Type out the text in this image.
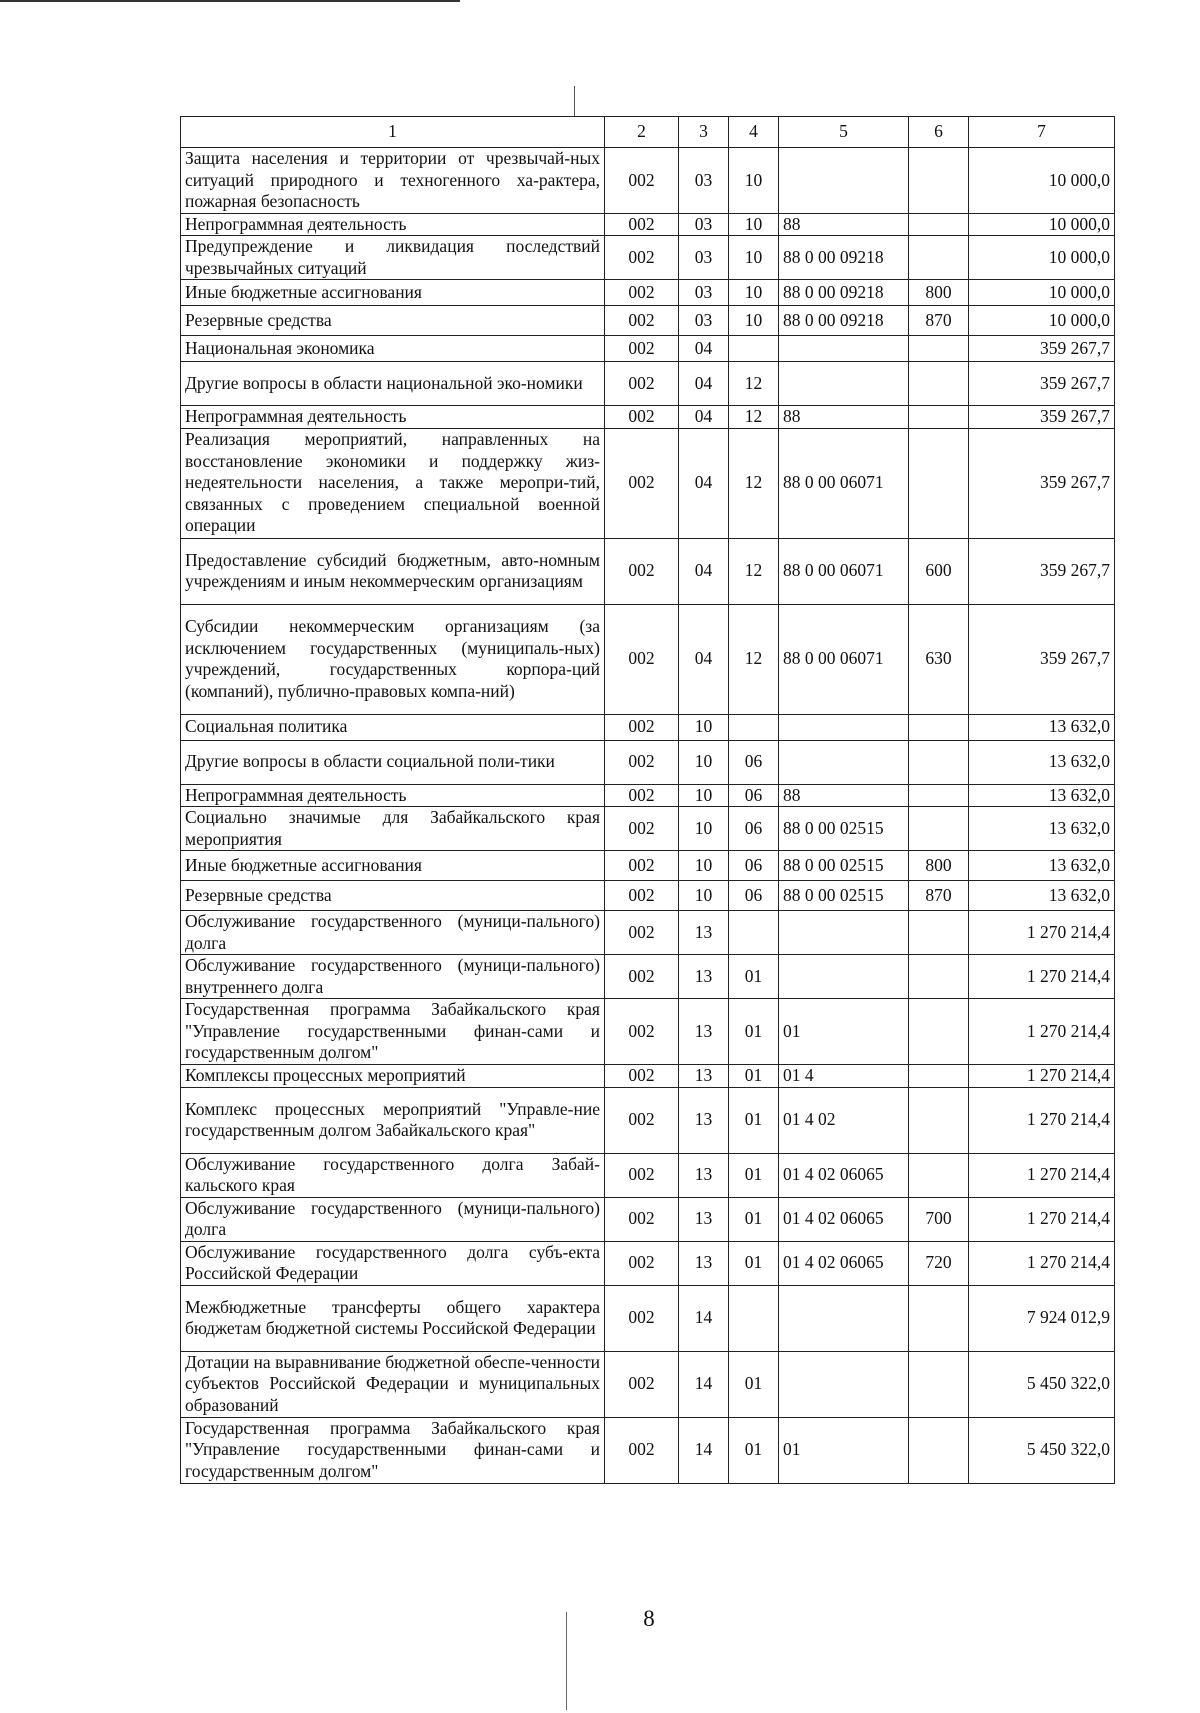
1	2	3	4	5	6	7
Защита населения и территории от чрезвычай-ных ситуаций природного и техногенного ха-рактера, пожарная безопасность	002	03	10			10 000,0
Непрограммная деятельность	002	03	10	88		10 000,0
Предупреждение и ликвидация последствий чрезвычайных ситуаций	002	03	10	88 0 00 09218		10 000,0
Иные бюджетные ассигнования	002	03	10	88 0 00 09218	800	10 000,0
Резервные средства	002	03	10	88 0 00 09218	870	10 000,0
Национальная экономика	002	04				359 267,7
Другие вопросы в области национальной эко-номики	002	04	12			359 267,7
Непрограммная деятельность	002	04	12	88		359 267,7
Реализация мероприятий, направленных на восстановление экономики и поддержку жиз-недеятельности населения, а также меропри-тий, связанных с проведением специальной военной операции	002	04	12	88 0 00 06071		359 267,7
Предоставление субсидий бюджетным, авто-номным учреждениям и иным некоммерческим организациям	002	04	12	88 0 00 06071	600	359 267,7
Субсидии некоммерческим организациям (за исключением государственных (муниципаль-ных) учреждений, государственных корпора-ций (компаний), публично-правовых компа-ний)	002	04	12	88 0 00 06071	630	359 267,7
Социальная политика	002	10				13 632,0
Другие вопросы в области социальной поли-тики	002	10	06			13 632,0
Непрограммная деятельность	002	10	06	88		13 632,0
Социально значимые для Забайкальского края мероприятия	002	10	06	88 0 00 02515		13 632,0
Иные бюджетные ассигнования	002	10	06	88 0 00 02515	800	13 632,0
Резервные средства	002	10	06	88 0 00 02515	870	13 632,0
Обслуживание государственного (муници-пального) долга	002	13				1 270 214,4
Обслуживание государственного (муници-пального) внутреннего долга	002	13	01			1 270 214,4
Государственная программа Забайкальского края "Управление государственными финан-сами и государственным долгом"	002	13	01	01		1 270 214,4
Комплексы процессных мероприятий	002	13	01	01 4		1 270 214,4
Комплекс процессных мероприятий "Управле-ние государственным долгом Забайкальского края"	002	13	01	01 4 02		1 270 214,4
Обслуживание государственного долга Забай-кальского края	002	13	01	01 4 02 06065		1 270 214,4
Обслуживание государственного (муници-пального) долга	002	13	01	01 4 02 06065	700	1 270 214,4
Обслуживание государственного долга субъ-екта Российской Федерации	002	13	01	01 4 02 06065	720	1 270 214,4
Межбюджетные трансферты общего характера бюджетам бюджетной системы Российской Федерации	002	14				7 924 012,9
Дотации на выравнивание бюджетной обеспе-ченности субъектов Российской Федерации и муниципальных образований	002	14	01			5 450 322,0
Государственная программа Забайкальского края "Управление государственными финан-сами и государственным долгом"	002	14	01	01		5 450 322,0
8
